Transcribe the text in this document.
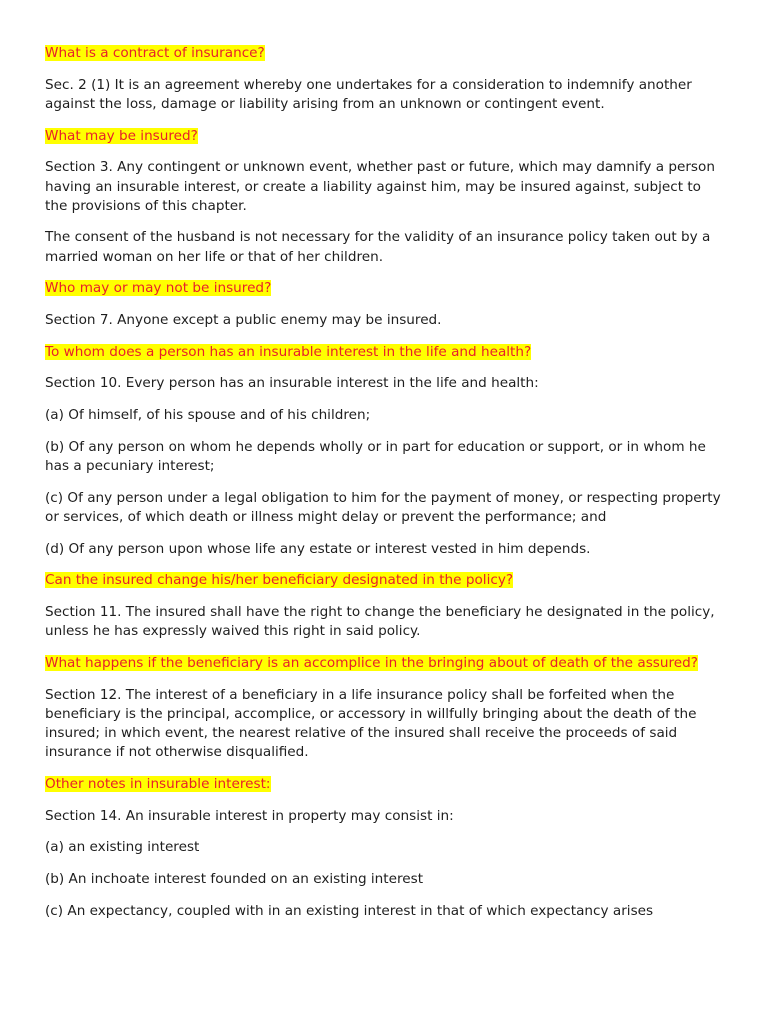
What is a contract of insurance?

Sec. 2 (1) It is an agreement whereby one undertakes for a consideration to indemnify another against the loss, damage or liability arising from an unknown or contingent event.

What may be insured?

Section 3. Any contingent or unknown event, whether past or future, which may damnify a person having an insurable interest, or create a liability against him, may be insured against, subject to the provisions of this chapter.

The consent of the husband is not necessary for the validity of an insurance policy taken out by a married woman on her life or that of her children.

Who may or may not be insured?

Section 7. Anyone except a public enemy may be insured.

To whom does a person has an insurable interest in the life and health?

Section 10. Every person has an insurable interest in the life and health:

(a) Of himself, of his spouse and of his children;

(b) Of any person on whom he depends wholly or in part for education or support, or in whom he has a pecuniary interest;

(c) Of any person under a legal obligation to him for the payment of money, or respecting property or services, of which death or illness might delay or prevent the performance; and

(d) Of any person upon whose life any estate or interest vested in him depends.

Can the insured change his/her beneficiary designated in the policy?

Section 11. The insured shall have the right to change the beneficiary he designated in the policy, unless he has expressly waived this right in said policy.

What happens if the beneficiary is an accomplice in the bringing about of death of the assured?

Section 12. The interest of a beneficiary in a life insurance policy shall be forfeited when the beneficiary is the principal, accomplice, or accessory in willfully bringing about the death of the insured; in which event, the nearest relative of the insured shall receive the proceeds of said insurance if not otherwise disqualified.

Other notes in insurable interest:

Section 14. An insurable interest in property may consist in:

(a) an existing interest

(b) An inchoate interest founded on an existing interest

(c) An expectancy, coupled with in an existing interest in that of which expectancy arises
